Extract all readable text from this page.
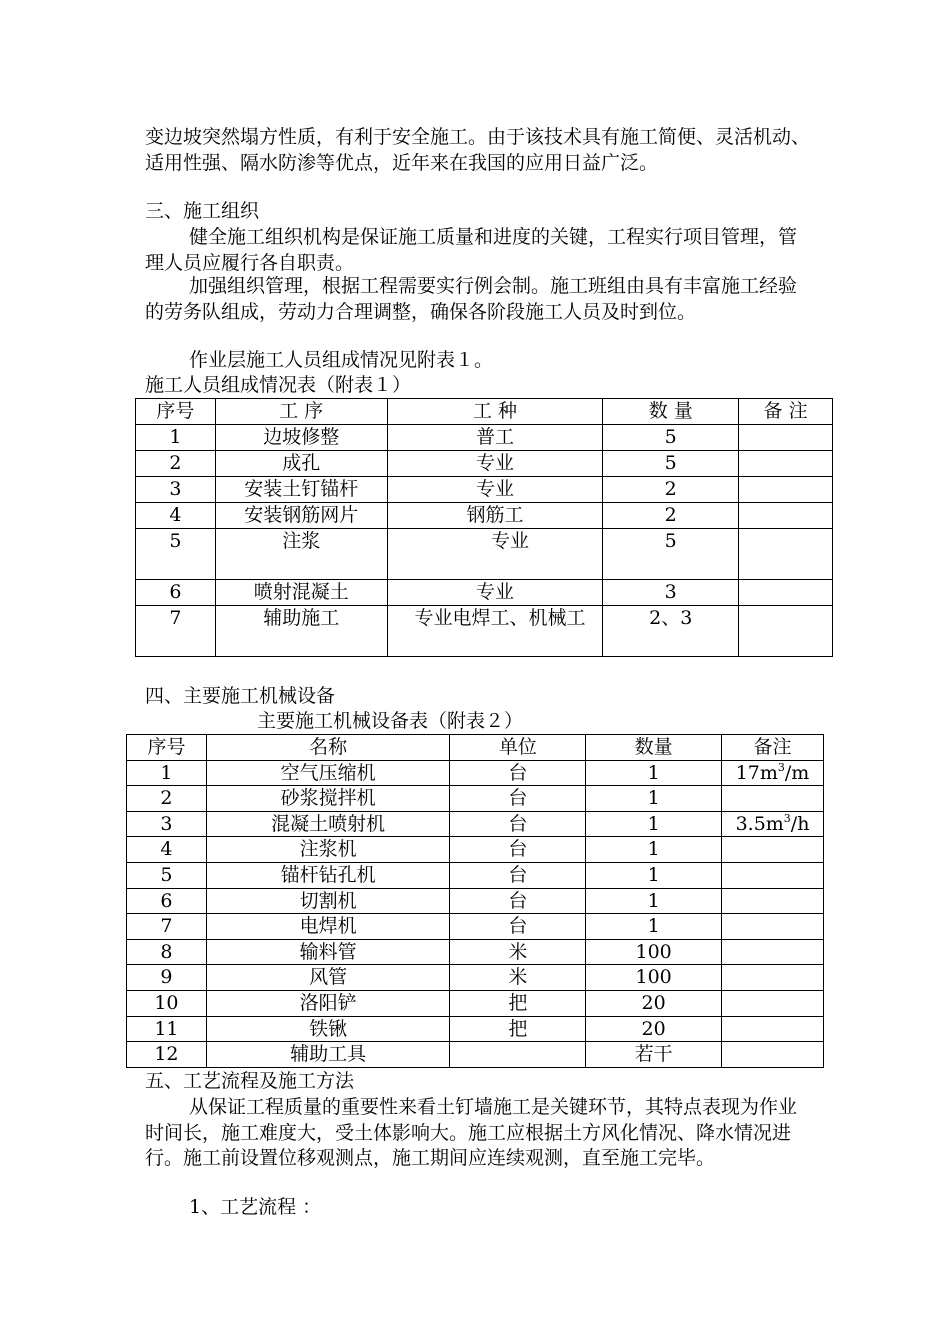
变边坡突然塌方性质，有利于安全施工。由于该技术具有施工简便、灵活机动、适用性强、隔水防渗等优点，近年来在我国的应用日益广泛。

三、施工组织

健全施工组织机构是保证施工质量和进度的关键，工程实行项目管理，管理人员应履行各自职责。

加强组织管理，根据工程需要实行例会制。施工班组由具有丰富施工经验的劳务队组成，劳动力合理调整，确保各阶段施工人员及时到位。

作业层施工人员组成情况见附表１。
施工人员组成情况表（附表１）
序号	工 序	工 种	数 量	备 注
1	边坡修整	普工	5	
2	成孔	专业	5	
3	安装土钉锚杆	专业	2	
4	安装钢筋网片	钢筋工	2	
5	注浆	专业	5	
6	喷射混凝土	专业	3	
7	辅助施工	专业电焊工、机械工	2、3	
四、主要施工机械设备
主要施工机械设备表（附表２）
序号	名称	单位	数量	备注
1	空气压缩机	台	1	$17m^3/m$
2	砂浆搅拌机	台	1	
3	混凝土喷射机	台	1	$3.5m^3/h$
4	注浆机	台	1	
5	锚杆钻孔机	台	1	
6	切割机	台	1	
7	电焊机	台	1	
8	输料管	米	100	
9	风管	米	100	
10	洛阳铲	把	20	
11	铁锹	把	20	
12	辅助工具		若干	
五、工艺流程及施工方法

从保证工程质量的重要性来看土钉墙施工是关键环节，其特点表现为作业时间长，施工难度大，受土体影响大。施工应根据土方风化情况、降水情况进行。施工前设置位移观测点，施工期间应连续观测，直至施工完毕。

1、工艺流程 ：
